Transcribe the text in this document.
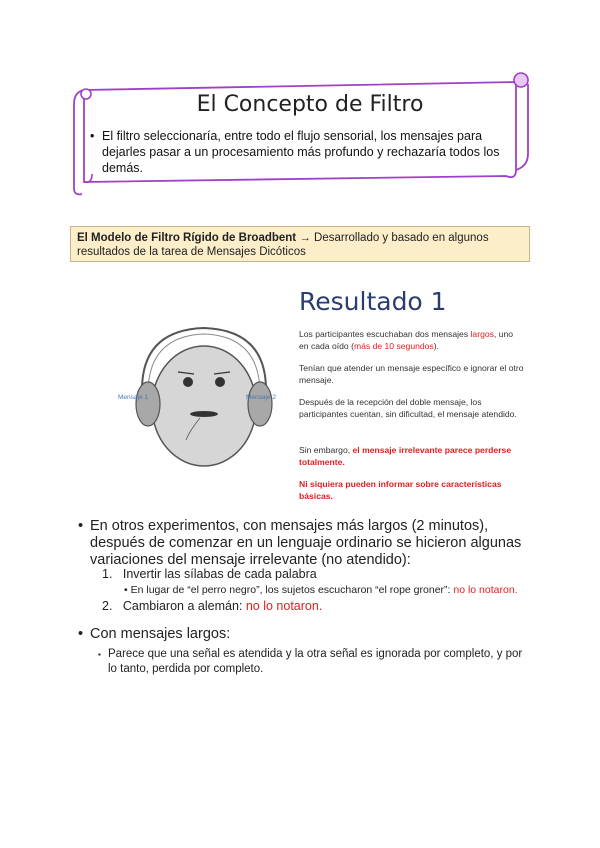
El Concepto de Filtro
• El filtro seleccionaría, entre todo el flujo sensorial, los mensajes para dejarles pasar a un procesamiento más profundo y rechazaría todos los demás.
El Modelo de Filtro Rígido de Broadbent → Desarrollado y basado en algunos resultados de la tarea de Mensajes Dicóticos
Mensaje 1	Mensaje 2
Resultado 1
Los participantes escuchaban dos mensajes largos, uno en cada oído (más de 10 segundos).
Tenían que atender un mensaje específico e ignorar el otro mensaje.
Después de la recepción del doble mensaje, los participantes cuentan, sin dificultad, el mensaje atendido.
Sin embargo, el mensaje irrelevante parece perderse totalmente.
Ni siquiera pueden informar sobre características básicas.
• En otros experimentos, con mensajes más largos (2 minutos), después de comenzar en un lenguaje ordinario se hicieron algunas variaciones del mensaje irrelevante (no atendido):
1. Invertir las sílabas de cada palabra
• En lugar de “el perro negro”, los sujetos escucharon “el rope groner”: no lo notaron.
2. Cambiaron a alemán: no lo notaron.
• Con mensajes largos:
▪ Parece que una señal es atendida y la otra señal es ignorada por completo, y por lo tanto, perdida por completo.
